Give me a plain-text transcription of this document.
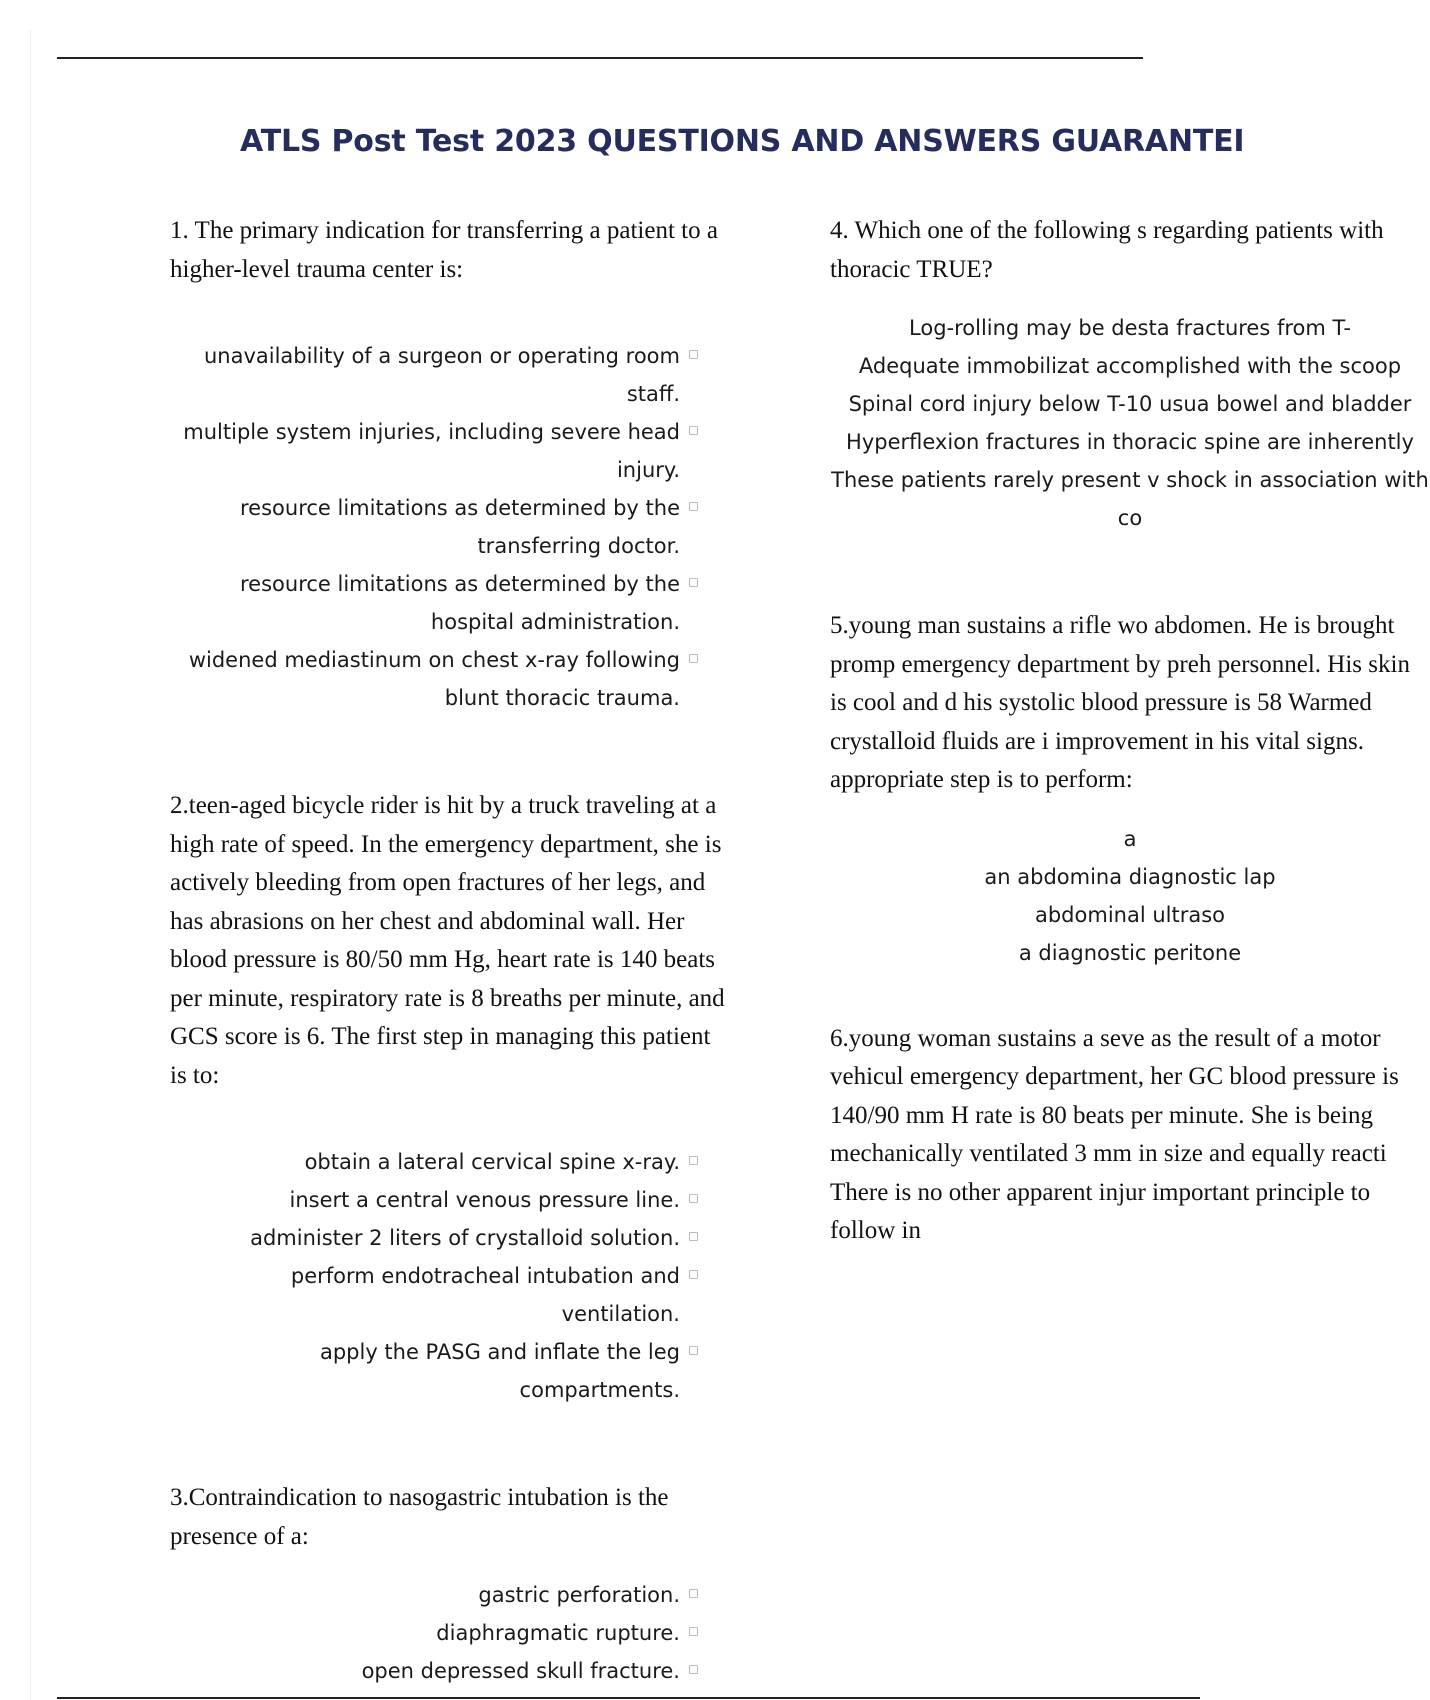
ATLS Post Test 2023 QUESTIONS AND ANSWERS GUARANTEI

1. The primary indication for transferring a patient to a higher-level trauma center is:

unavailability of a surgeon or operating room staff.
multiple system injuries, including severe head injury.
resource limitations as determined by the transferring doctor.
resource limitations as determined by the hospital administration.
widened mediastinum on chest x-ray following blunt thoracic trauma.

2.teen-aged bicycle rider is hit by a truck traveling at a high rate of speed. In the emergency department, she is actively bleeding from open fractures of her legs, and has abrasions on her chest and abdominal wall. Her blood pressure is 80/50 mm Hg, heart rate is 140 beats per minute, respiratory rate is 8 breaths per minute, and GCS score is 6. The first step in managing this patient is to:

obtain a lateral cervical spine x-ray.
insert a central venous pressure line.
administer 2 liters of crystalloid solution.
perform endotracheal intubation and ventilation.
apply the PASG and inflate the leg compartments.

3.Contraindication to nasogastric intubation is the presence of a:

gastric perforation.
diaphragmatic rupture.
open depressed skull fracture.

4. Which one of the following s regarding patients with thoracic TRUE?

Log-rolling may be desta fractures from T-
Adequate immobilizat accomplished with the scoop
Spinal cord injury below T-10 usua bowel and bladder
Hyperflexion fractures in thoracic spine are inherently
These patients rarely present v shock in association with co

5.young man sustains a rifle wo abdomen. He is brought promp emergency department by preh personnel. His skin is cool and d his systolic blood pressure is 58 Warmed crystalloid fluids are i improvement in his vital signs. appropriate step is to perform:

a
an abdomina diagnostic lap
abdominal ultraso
a diagnostic peritone

6.young woman sustains a seve as the result of a motor vehicul emergency department, her GC blood pressure is 140/90 mm H rate is 80 beats per minute. She is being mechanically ventilated 3 mm in size and equally reacti There is no other apparent injur important principle to follow in
